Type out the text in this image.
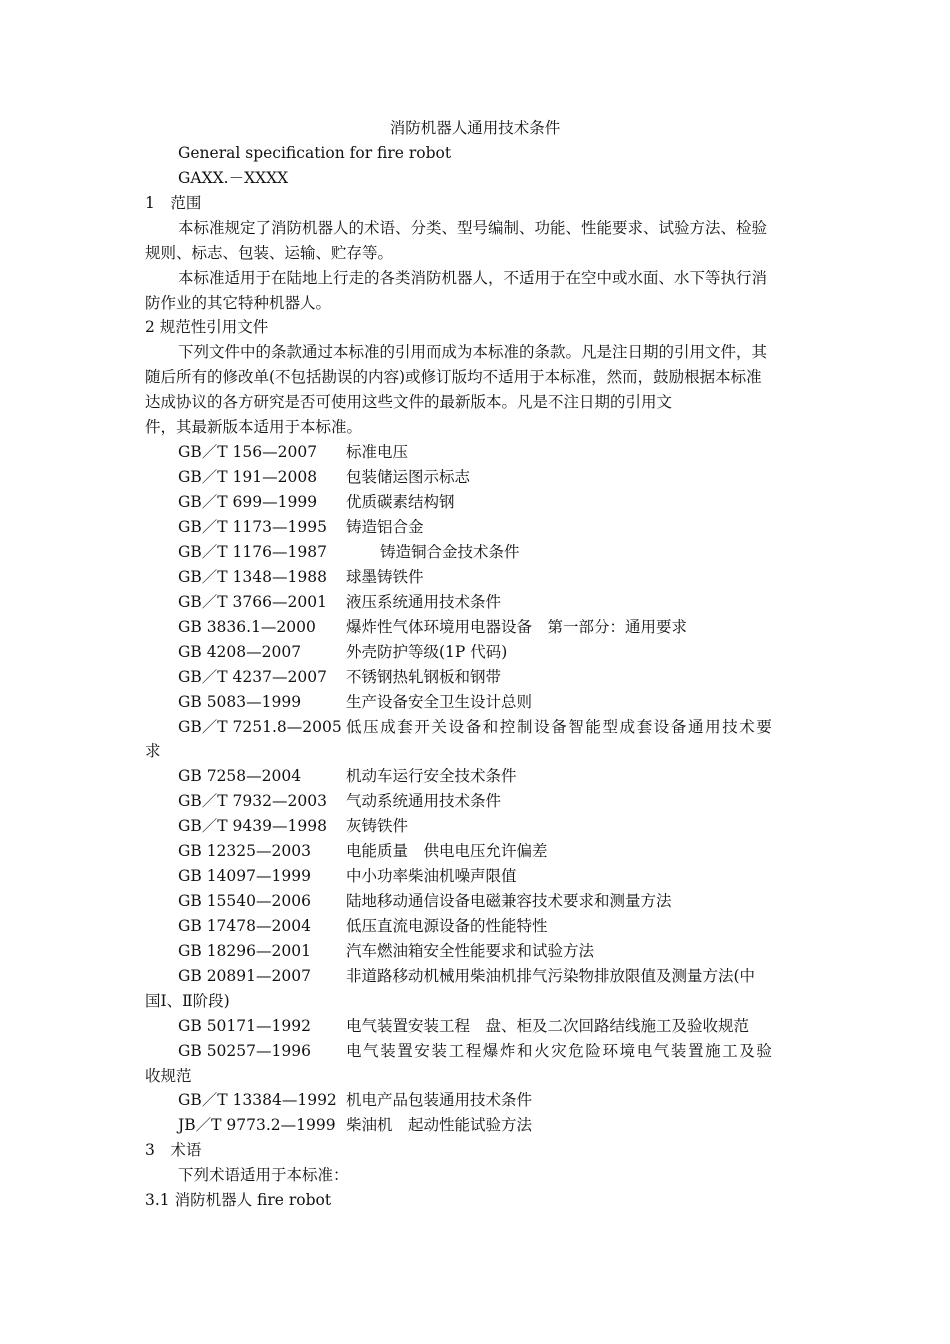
消防机器人通用技术条件
General specification for fire robot
GAXX.－XXXX
1　范围
本标准规定了消防机器人的术语、分类、型号编制、功能、性能要求、试验方法、检验
规则、标志、包装、运输、贮存等。
本标准适用于在陆地上行走的各类消防机器人，不适用于在空中或水面、水下等执行消
防作业的其它特种机器人。
2 规范性引用文件
下列文件中的条款通过本标准的引用而成为本标准的条款。凡是注日期的引用文件，其
随后所有的修改单(不包括勘误的内容)或修订版均不适用于本标准，然而，鼓励根据本标准
达成协议的各方研究是否可使用这些文件的最新版本。凡是不注日期的引用文
件，其最新版本适用于本标准。
GB／T 156—2007 标准电压
GB／T 191—2008 包装储运图示标志
GB／T 699—1999 优质碳素结构钢
GB／T 1173—1995 铸造铝合金
GB／T 1176—1987	铸造铜合金技术条件
GB／T 1348—1988 球墨铸铁件
GB／T 3766—2001 液压系统通用技术条件
GB 3836.1—2000 爆炸性气体环境用电器设备　第一部分：通用要求
GB 4208—2007	外壳防护等级(1P 代码)
GB／T 4237—2007 不锈钢热轧钢板和钢带
GB 5083—1999	生产设备安全卫生设计总则
GB／T 7251.8—2005 低压成套开关设备和控制设备智能型成套设备通用技术要
求
GB 7258—2004	机动车运行安全技术条件
GB／T 7932—2003 气动系统通用技术条件
GB／T 9439—1998 灰铸铁件
GB 12325—2003 电能质量　供电电压允许偏差
GB 14097—1999 中小功率柴油机噪声限值
GB 15540—2006 陆地移动通信设备电磁兼容技术要求和测量方法
GB 17478—2004 低压直流电源设备的性能特性
GB 18296—2001 汽车燃油箱安全性能要求和试验方法
GB 20891—2007 非道路移动机械用柴油机排气污染物排放限值及测量方法(中
国Ⅰ、Ⅱ阶段)
GB 50171—1992 电气装置安装工程　盘、柜及二次回路结线施工及验收规范
GB 50257—1996 电气装置安装工程爆炸和火灾危险环境电气装置施工及验
收规范
GB／T 13384—1992 机电产品包装通用技术条件
JB／T 9773.2—1999 柴油机　起动性能试验方法
3　术语
下列术语适用于本标准：
3.1 消防机器人 fire robot
